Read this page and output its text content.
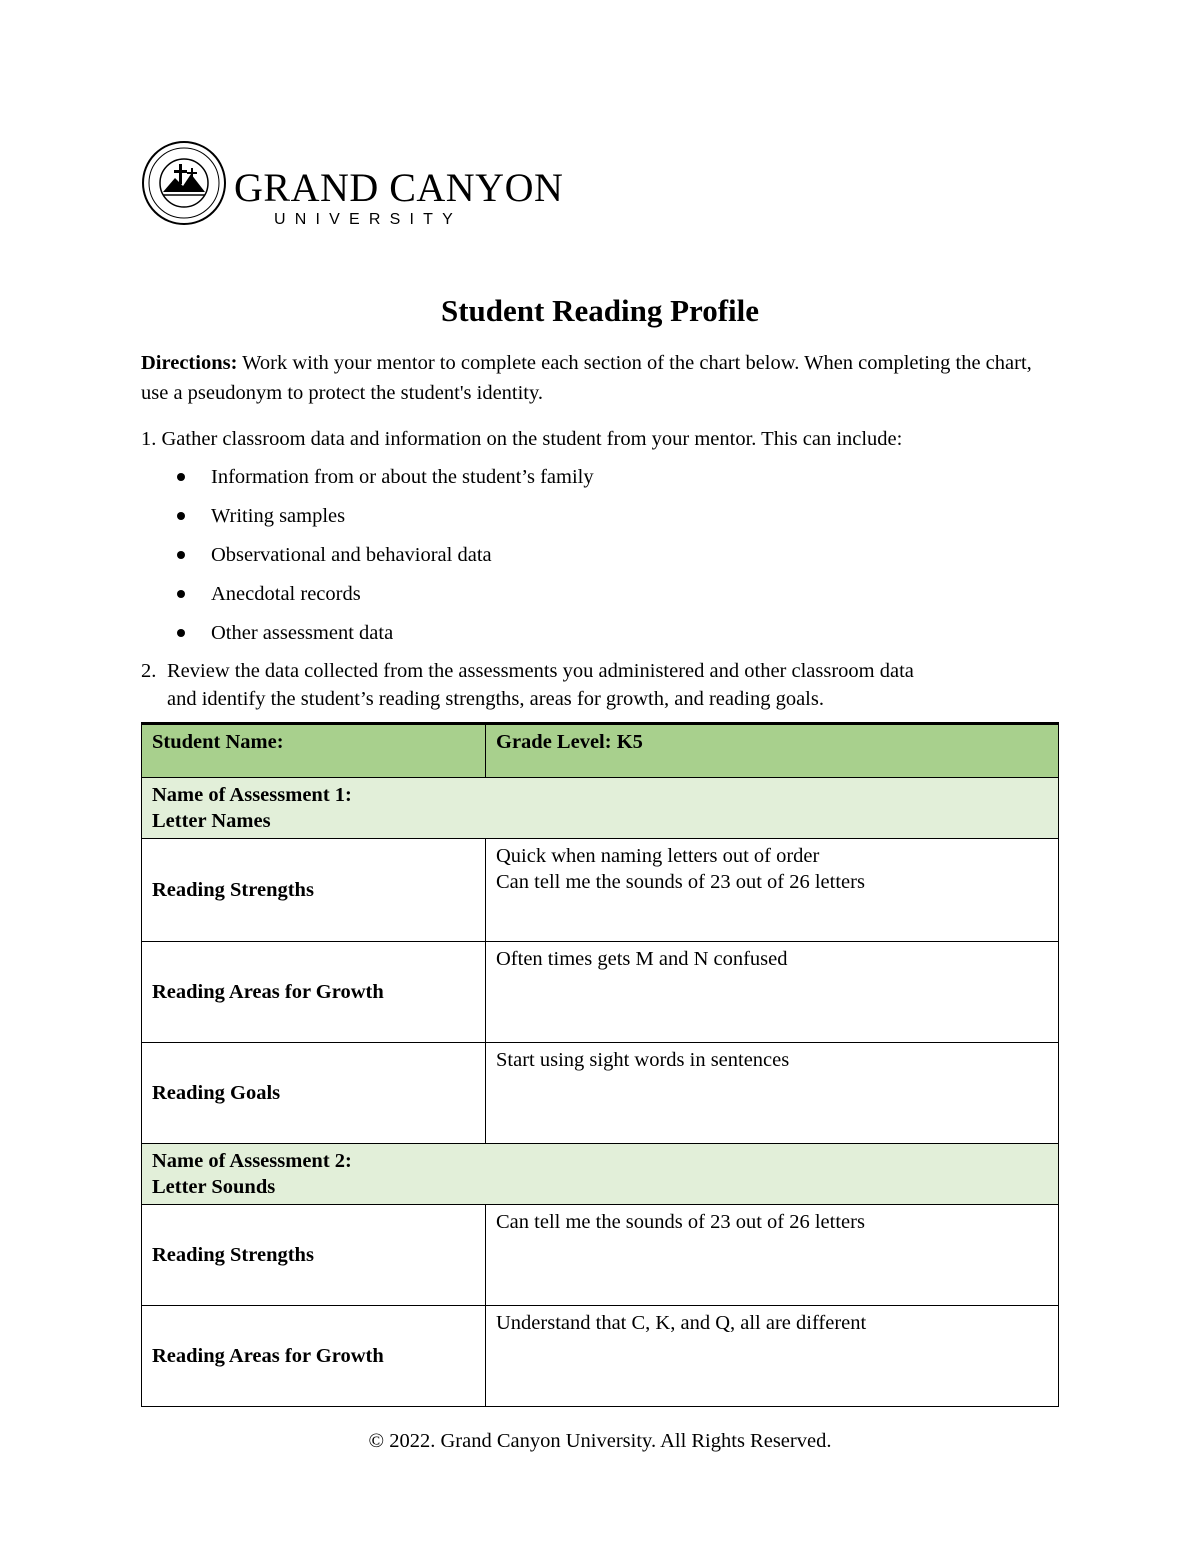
GRAND CANYON
UNIVERSITY
Student Reading Profile
Directions: Work with your mentor to complete each section of the chart below. When completing the chart, use a pseudonym to protect the student's identity.
1. Gather classroom data and information on the student from your mentor. This can include:
Information from or about the student’s family
Writing samples
Observational and behavioral data
Anecdotal records
Other assessment data
2. Review the data collected from the assessments you administered and other classroom data
and identify the student’s reading strengths, areas for growth, and reading goals.
Student Name:	Grade Level: K5

Name of Assessment 1:
Letter Names	

Reading Strengths	Quick when naming letters out of order
Can tell me the sounds of 23 out of 26 letters

Reading Areas for Growth	Often times gets M and N confused
Reading Goals	Start using sight words in sentences

Name of Assessment 2:
Letter Sounds	

Reading Strengths	Can tell me the sounds of 23 out of 26 letters
Reading Areas for Growth	Understand that C, K, and Q, all are different
© 2022. Grand Canyon University. All Rights Reserved.
